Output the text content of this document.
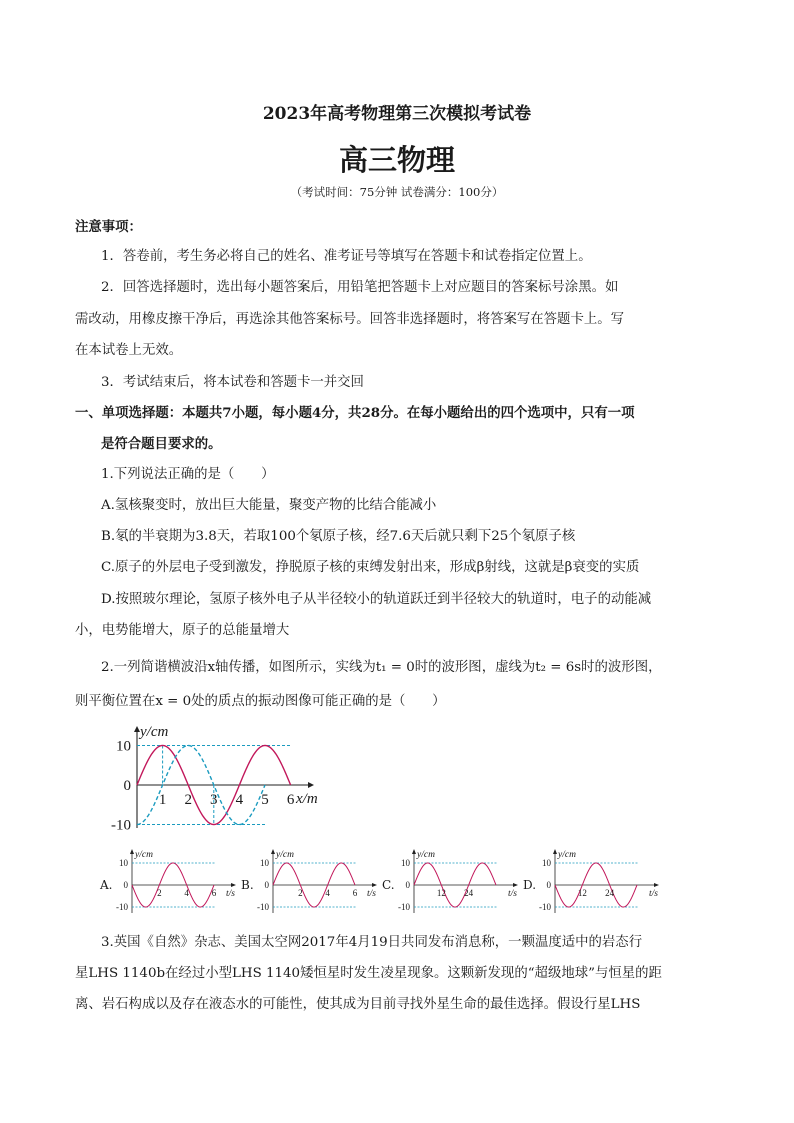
2023年高考物理第三次模拟考试卷
高三物理
（考试时间：75分钟 试卷满分：100分）
注意事项：
1．答卷前，考生务必将自己的姓名、准考证号等填写在答题卡和试卷指定位置上。
2．回答选择题时，选出每小题答案后，用铅笔把答题卡上对应题目的答案标号涂黑。如
需改动，用橡皮擦干净后，再选涂其他答案标号。回答非选择题时，将答案写在答题卡上。写
在本试卷上无效。
3．考试结束后，将本试卷和答题卡一并交回
一、单项选择题：本题共7小题，每小题4分，共28分。在每小题给出的四个选项中，只有一项
是符合题目要求的。
1.下列说法正确的是（　　）
A.氢核聚变时，放出巨大能量，聚变产物的比结合能减小
B.氡的半衰期为3.8天，若取100个氡原子核，经7.6天后就只剩下25个氡原子核
C.原子的外层电子受到激发，挣脱原子核的束缚发射出来，形成β射线，这就是β衰变的实质
D.按照玻尔理论，氢原子核外电子从半径较小的轨道跃迁到半径较大的轨道时，电子的动能减
小，电势能增大，原子的总能量增大
2.一列简谐横波沿x轴传播，如图所示，实线为t₁ = 0时的波形图，虚线为t₂ = 6s时的波形图，
则平衡位置在x = 0处的质点的振动图像可能正确的是（　　）
y/cm
x/m
10
0
-10
1 2 3 4 5 6
A.
y/cm
t/s
10
0
-10
2	4	6
B.
y/cm
t/s
10
0
-10
2	4	6
C.
y/cm
t/s
10
0
-10
12 24
D.
y/cm
t/s
10
0
-10
12 24
3.英国《自然》杂志、美国太空网2017年4月19日共同发布消息称，一颗温度适中的岩态行
星LHS 1140b在经过小型LHS 1140矮恒星时发生凌星现象。这颗新发现的“超级地球”与恒星的距
离、岩石构成以及存在液态水的可能性，使其成为目前寻找外星生命的最佳选择。假设行星LHS
